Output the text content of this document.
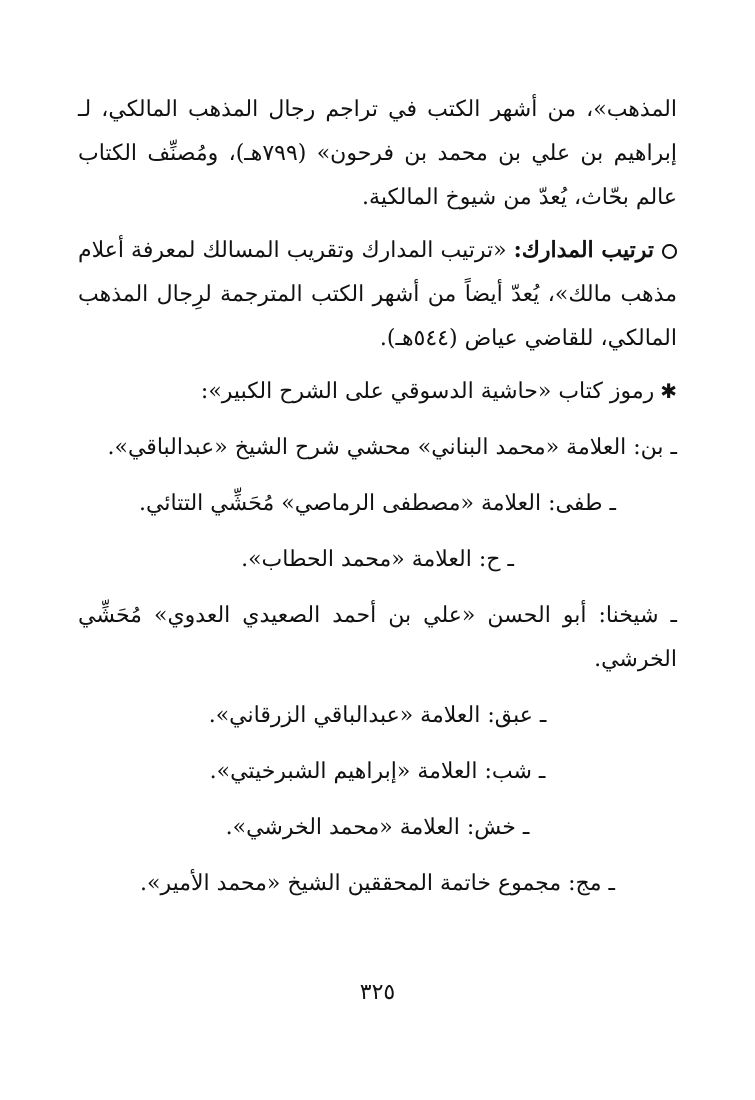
المذهب»، من أشهر الكتب في تراجم رجال المذهب المالكي، لـ إبراهيم بن علي بن محمد بن فرحون» (٧٩٩هـ)، ومُصنِّف الكتاب عالم بحّاث، يُعدّ من شيوخ المالكية.

ترتيب المدارك: «ترتيب المدارك وتقريب المسالك لمعرفة أعلام مذهب مالك»، يُعدّ أيضاً من أشهر الكتب المترجمة لرِجال المذهب المالكي، للقاضي عياض (٥٤٤هـ).

✱رموز كتاب «حاشية الدسوقي على الشرح الكبير»:

ـ بن: العلامة «محمد البناني» محشي شرح الشيخ «عبدالباقي».

ـ طفى: العلامة «مصطفى الرماصي» مُحَشِّي التتائي.

ـ ح: العلامة «محمد الحطاب».

ـ شيخنا: أبو الحسن «علي بن أحمد الصعيدي العدوي» مُحَشِّي الخرشي.

ـ عبق: العلامة «عبدالباقي الزرقاني».

ـ شب: العلامة «إبراهيم الشبرخيتي».

ـ خش: العلامة «محمد الخرشي».

ـ مج: مجموع خاتمة المحققين الشيخ «محمد الأمير».

٣٢٥
